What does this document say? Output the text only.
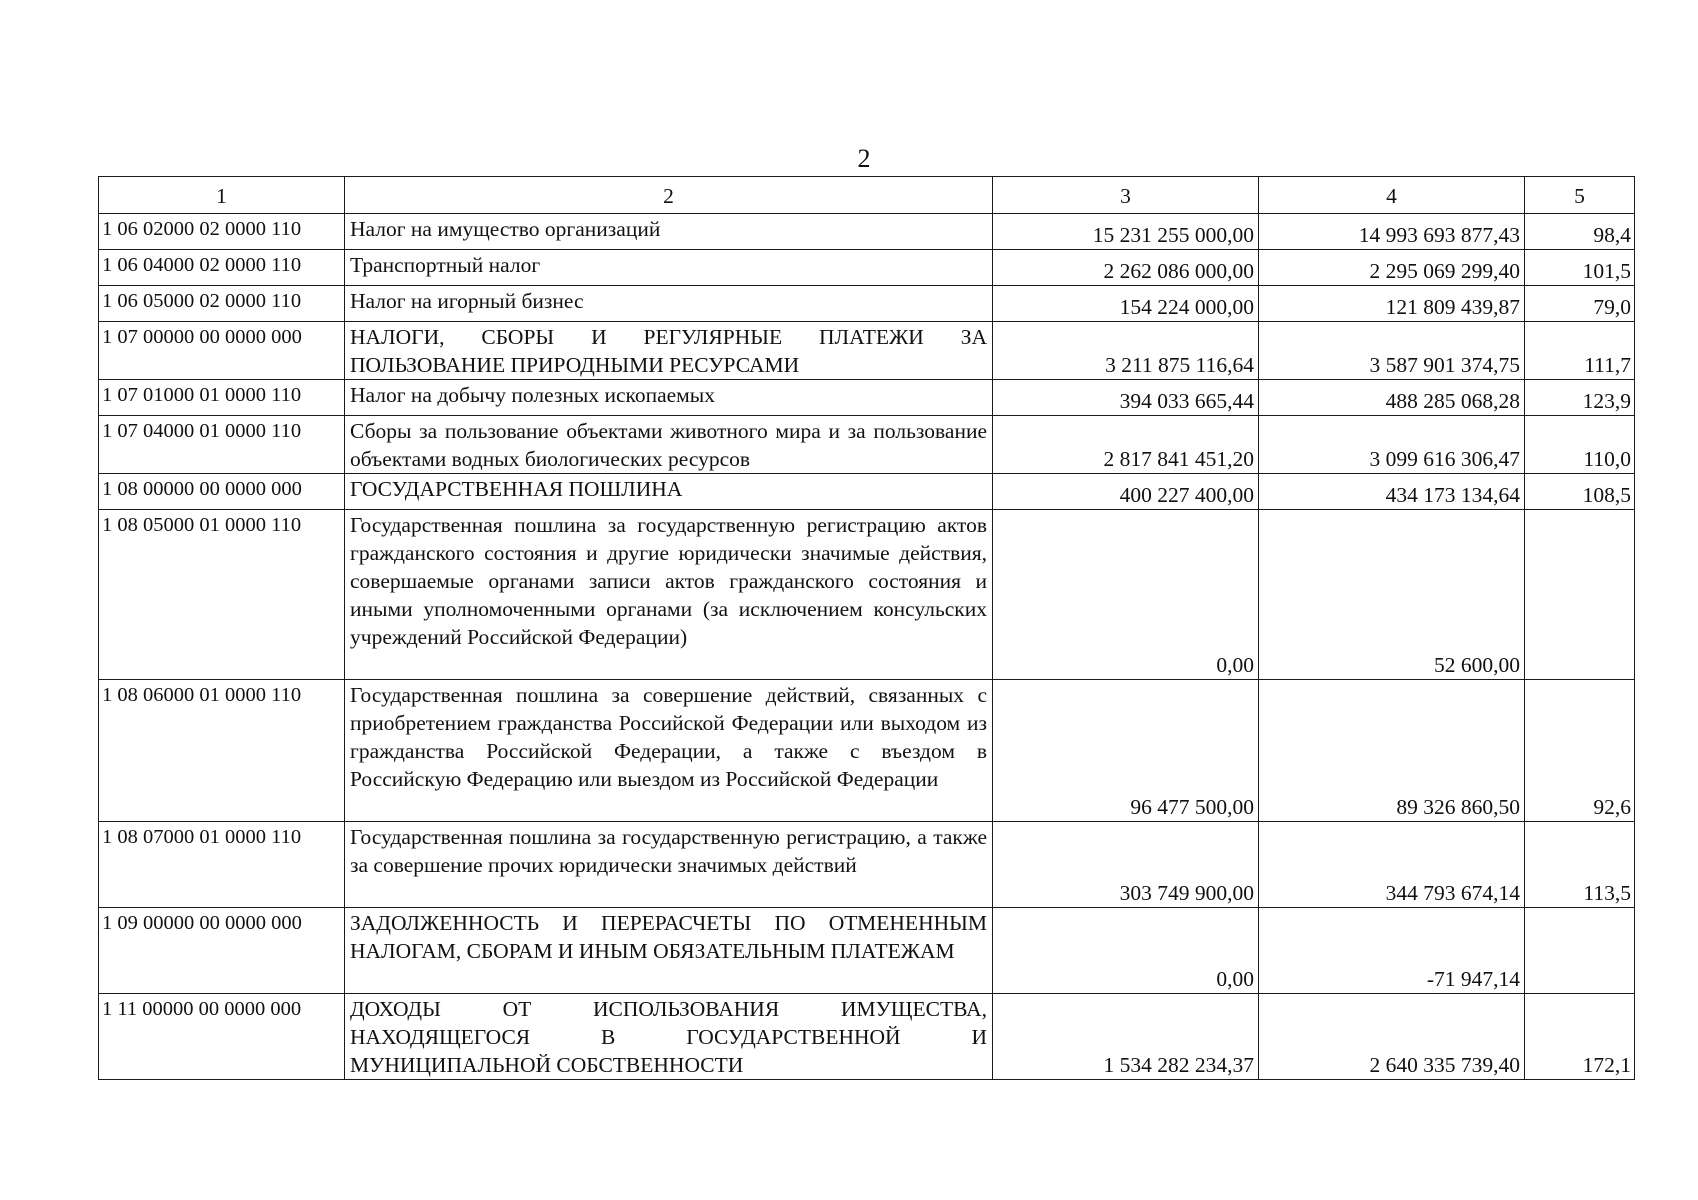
2
1	2	3	4	5
1 06 02000 02 0000 110	Налог на имущество организаций	15 231 255 000,00	14 993 693 877,43	98,4
1 06 04000 02 0000 110	Транспортный налог	2 262 086 000,00	2 295 069 299,40	101,5
1 06 05000 02 0000 110	Налог на игорный бизнес	154 224 000,00	121 809 439,87	79,0
1 07 00000 00 0000 000	НАЛОГИ, СБОРЫ И РЕГУЛЯРНЫЕ ПЛАТЕЖИ ЗА ПОЛЬЗОВАНИЕ ПРИРОДНЫМИ РЕСУРСАМИ	3 211 875 116,64	3 587 901 374,75	111,7
1 07 01000 01 0000 110	Налог на добычу полезных ископаемых	394 033 665,44	488 285 068,28	123,9
1 07 04000 01 0000 110	Сборы за пользование объектами животного мира и за пользование объектами водных биологических ресурсов	2 817 841 451,20	3 099 616 306,47	110,0
1 08 00000 00 0000 000	ГОСУДАРСТВЕННАЯ ПОШЛИНА	400 227 400,00	434 173 134,64	108,5
1 08 05000 01 0000 110	Государственная пошлина за государственную регистрацию актов гражданского состояния и другие юридически значимые действия, совершаемые органами записи актов гражданского состояния и иными уполномоченными органами (за исключением консульских учреждений Российской Федерации)	0,00	52 600,00	
1 08 06000 01 0000 110	Государственная пошлина за совершение действий, связанных с приобретением гражданства Российской Федерации или выходом из гражданства Российской Федерации, а также с въездом в Российскую Федерацию или выездом из Российской Федерации	96 477 500,00	89 326 860,50	92,6
1 08 07000 01 0000 110	Государственная пошлина за государственную регистрацию, а также за совершение прочих юридически значимых действий	303 749 900,00	344 793 674,14	113,5
1 09 00000 00 0000 000	ЗАДОЛЖЕННОСТЬ И ПЕРЕРАСЧЕТЫ ПО ОТМЕНЕННЫМ НАЛОГАМ, СБОРАМ И ИНЫМ ОБЯЗАТЕЛЬНЫМ ПЛАТЕЖАМ	0,00	-71 947,14	
1 11 00000 00 0000 000	ДОХОДЫ ОТ ИСПОЛЬЗОВАНИЯ ИМУЩЕСТВА, НАХОДЯЩЕГОСЯ В ГОСУДАРСТВЕННОЙ И МУНИЦИПАЛЬНОЙ СОБСТВЕННОСТИ	1 534 282 234,37	2 640 335 739,40	172,1
